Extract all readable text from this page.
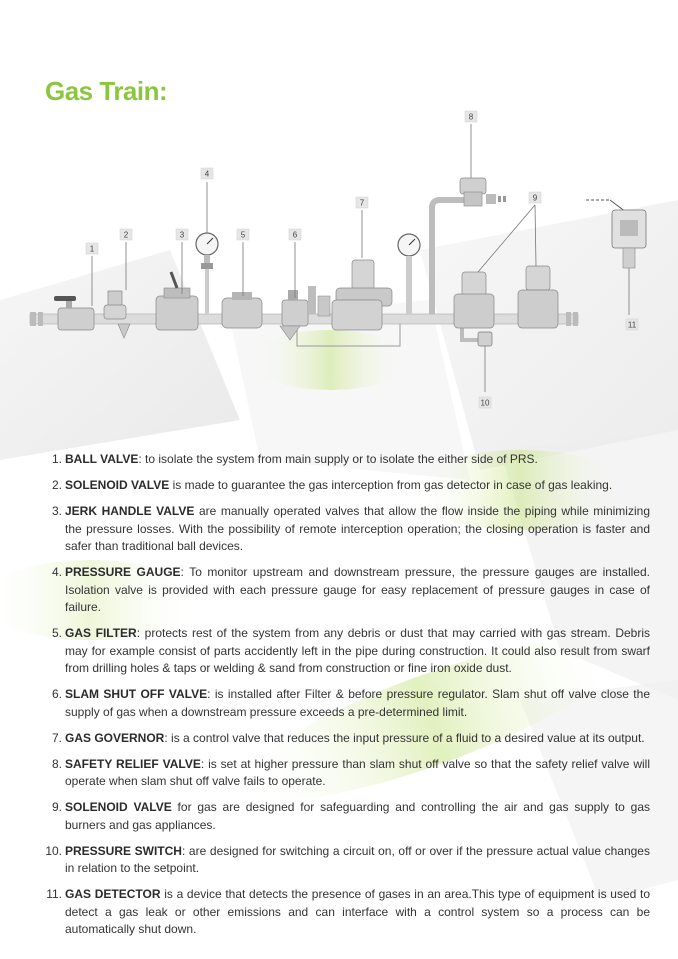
Gas Train:
1
2	3
4
5	6
7
8
9
10
11
1. BALL VALVE: to isolate the system from main supply or to isolate the either side of PRS.
2. SOLENOID VALVE is made to guarantee the gas interception from gas detector in case of gas leaking.
3. JERK HANDLE VALVE are manually operated valves that allow the flow inside the piping while minimizing the pressure losses. With the possibility of remote interception operation; the closing operation is faster and safer than traditional ball devices.
4. PRESSURE GAUGE: To monitor upstream and downstream pressure, the pressure gauges are installed. Isolation valve is provided with each pressure gauge for easy replacement of pressure gauges in case of failure.
5. GAS FILTER: protects rest of the system from any debris or dust that may carried with gas stream. Debris may for example consist of parts accidently left in the pipe during construction. It could also result from swarf from drilling holes & taps or welding & sand from construction or fine iron oxide dust.
6. SLAM SHUT OFF VALVE: is installed after Filter & before pressure regulator. Slam shut off valve close the supply of gas when a downstream pressure exceeds a pre-determined limit.
7. GAS GOVERNOR: is a control valve that reduces the input pressure of a fluid to a desired value at its output.
8. SAFETY RELIEF VALVE: is set at higher pressure than slam shut off valve so that the safety relief valve will operate when slam shut off valve fails to operate.
9. SOLENOID VALVE for gas are designed for safeguarding and controlling the air and gas supply to gas burners and gas appliances.
10. PRESSURE SWITCH: are designed for switching a circuit on, off or over if the pressure actual value changes in relation to the setpoint.
11. GAS DETECTOR is a device that detects the presence of gases in an area.This type of equipment is used to detect a gas leak or other emissions and can interface with a control system so a process can be automatically shut down.
